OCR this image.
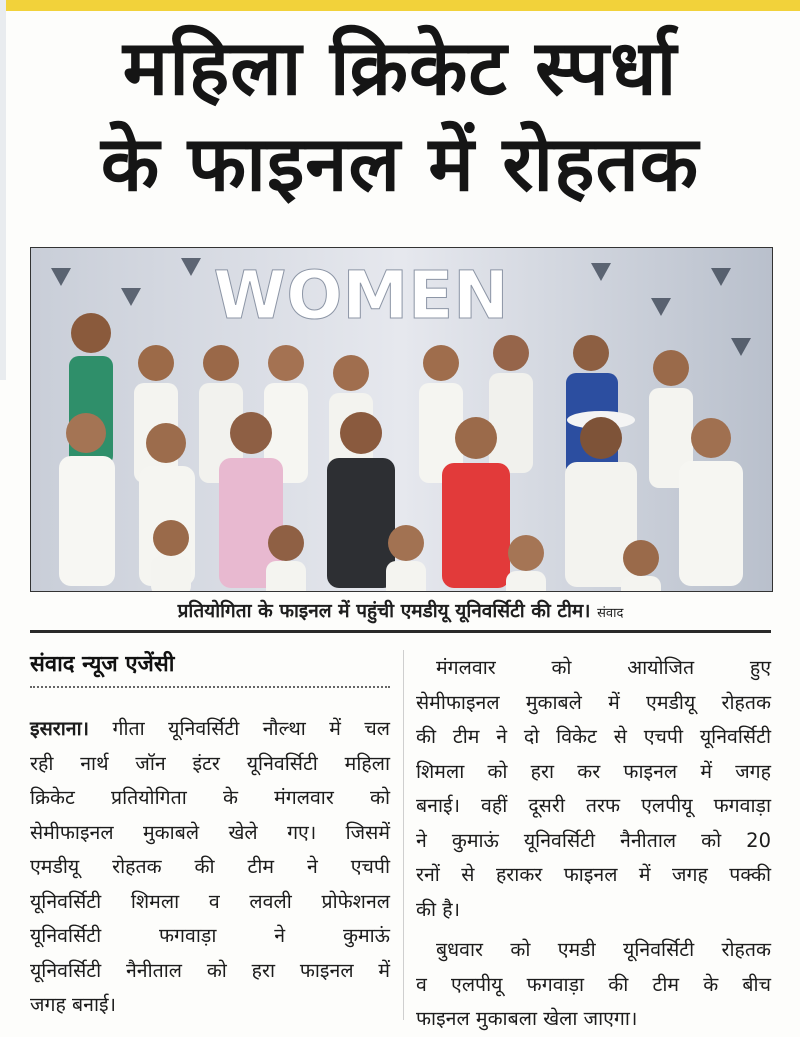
महिला क्रिकेट स्पर्धा
के फाइनल में रोहतक
WOMEN
प्रतियोगिता के फाइनल में पहुंची एमडीयू यूनिवर्सिटी की टीम। संवाद
संवाद न्यूज एजेंसी
इसराना। गीता यूनिवर्सिटी नौल्था में चल
रही नार्थ जॉन इंटर यूनिवर्सिटी महिला
क्रिकेट प्रतियोगिता के मंगलवार को
सेमीफाइनल मुकाबले खेले गए। जिसमें
एमडीयू रोहतक की टीम ने एचपी
यूनिवर्सिटी शिमला व लवली प्रोफेशनल
यूनिवर्सिटी फगवाड़ा ने कुमाऊं
यूनिवर्सिटी नैनीताल को हरा फाइनल में
जगह बनाई।
मंगलवार को आयोजित हुए
सेमीफाइनल मुकाबले में एमडीयू रोहतक
की टीम ने दो विकेट से एचपी यूनिवर्सिटी
शिमला को हरा कर फाइनल में जगह
बनाई। वहीं दूसरी तरफ एलपीयू फगवाड़ा
ने कुमाऊं यूनिवर्सिटी नैनीताल को 20
रनों से हराकर फाइनल में जगह पक्की
की है।
बुधवार को एमडी यूनिवर्सिटी रोहतक
व एलपीयू फगवाड़ा की टीम के बीच
फाइनल मुकाबला खेला जाएगा।
